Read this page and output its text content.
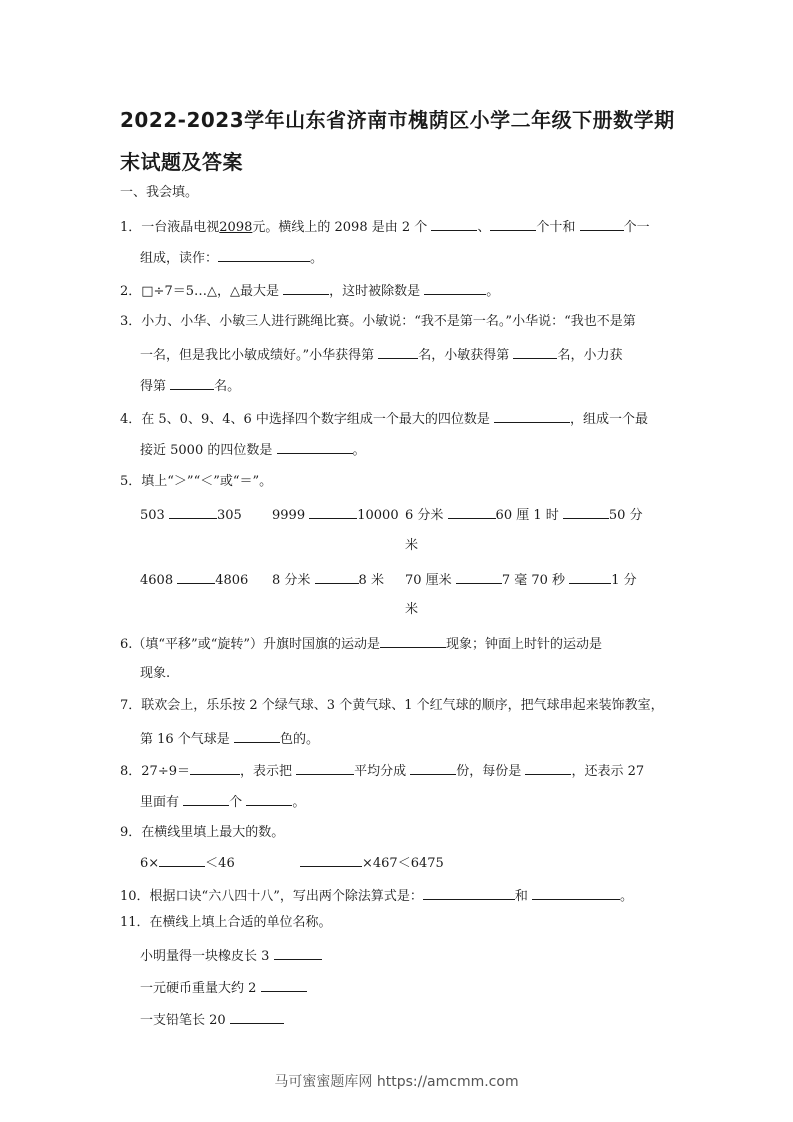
2022-2023学年山东省济南市槐荫区小学二年级下册数学期
末试题及答案
一、我会填。
1．一台液晶电视2098元。横线上的 2098 是由 2 个	、	个十和	个一
组成，读作：	。
2．□÷7＝5…△，△最大是	，这时被除数是	。
3．小力、小华、小敏三人进行跳绳比赛。小敏说：“我不是第一名。”小华说：“我也不是第
一名，但是我比小敏成绩好。”小华获得第	名，小敏获得第	名，小力获
得第	名。
4．在 5、0、9、4、6 中选择四个数字组成一个最大的四位数是	，组成一个最
接近 5000 的四位数是	。
5．填上“＞”“＜”或“＝”。
503	305 9999	10000 6 分米	60 厘 1 时	50 分
米
4608	4806 8 分米	8 米 70 厘米	7 毫 70 秒	1 分
米
6.（填“平移”或“旋转”）升旗时国旗的运动是	现象；钟面上时针的运动是
现象.
7．联欢会上，乐乐按 2 个绿气球、3 个黄气球、1 个红气球的顺序，把气球串起来装饰教室，
第 16 个气球是	色的。
8．27÷9＝	，表示把	平均分成	份，每份是	，还表示 27
里面有	个	。
9．在横线里填上最大的数。
6×	＜46	×467＜6475
10．根据口诀“六八四十八”，写出两个除法算式是：	和	。
11．在横线上填上合适的单位名称。
小明量得一块橡皮长 3
一元硬币重量大约 2
一支铅笔长 20
马可蜜蜜题库网 https://amcmm.com
